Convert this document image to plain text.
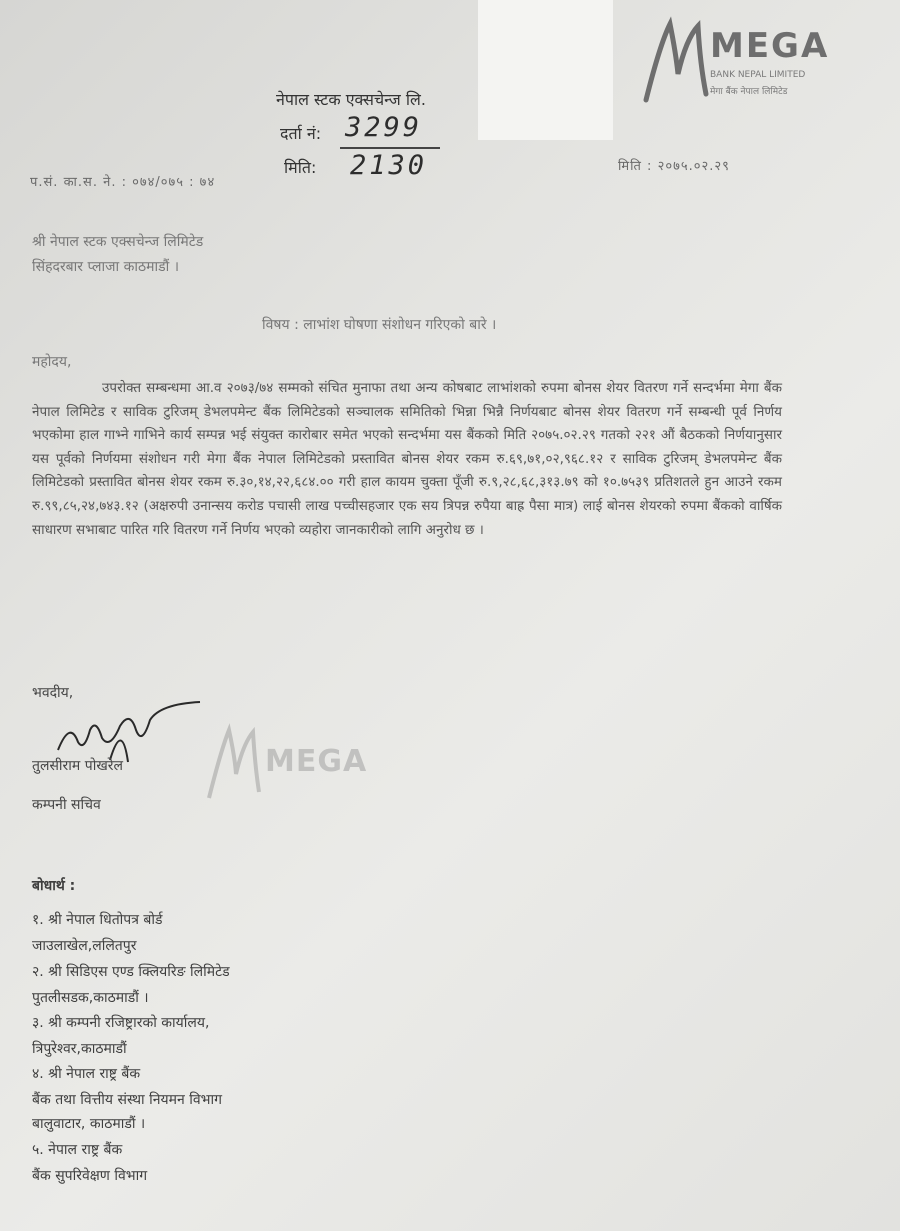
MEGA
BANK NEPAL LIMITED
मेगा बैंक नेपाल लिमिटेड
नेपाल स्टक एक्सचेन्ज लि.
दर्ता नं: 3299
मिति: 2130
प.सं. का.स. ने. : ०७४/०७५ : ७४
मिति : २०७५.०२.२९
श्री नेपाल स्टक एक्सचेन्ज लिमिटेड
सिंहदरबार प्लाजा काठमाडौं ।
विषय : लाभांश घोषणा संशोधन गरिएको बारे ।
महोदय,
उपरोक्त सम्बन्धमा आ.व २०७३/७४ सम्मको संचित मुनाफा तथा अन्य कोषबाट लाभांशको रुपमा बोनस शेयर वितरण गर्ने सन्दर्भमा मेगा बैंक नेपाल लिमिटेड र साविक टुरिजम् डेभलपमेन्ट बैंक लिमिटेडको सञ्चालक समितिको भिन्ना भिन्नै निर्णयबाट बोनस शेयर वितरण गर्ने सम्बन्धी पूर्व निर्णय भएकोमा हाल गाभ्ने गाभिने कार्य सम्पन्न भई संयुक्त कारोबार समेत भएको सन्दर्भमा यस बैंकको मिति २०७५.०२.२९ गतको २२१ औं बैठकको निर्णयानुसार यस पूर्वको निर्णयमा संशोधन गरी मेगा बैंक नेपाल लिमिटेडको प्रस्तावित बोनस शेयर रकम रु.६९,७१,०२,९६८.१२ र साविक टुरिजम् डेभलपमेन्ट बैंक लिमिटेडको प्रस्तावित बोनस शेयर रकम रु.३०,१४,२२,६८४.०० गरी हाल कायम चुक्ता पूँजी रु.९,२८,६८,३१३.७९ को १०.७५३९ प्रतिशतले हुन आउने रकम रु.९९,८५,२४,७४३.१२ (अक्षरुपी उनान्सय करोड पचासी लाख पच्चीसहजार एक सय त्रिपन्न रुपैया बाह्र पैसा मात्र) लाई बोनस शेयरको रुपमा बैंकको वार्षिक साधारण सभाबाट पारित गरि वितरण गर्ने निर्णय भएको व्यहोरा जानकारीको लागि अनुरोध छ ।
भवदीय,
MEGA
तुलसीराम पोखरेल
कम्पनी सचिव
बोधार्थ :
१. श्री नेपाल धितोपत्र बोर्ड
जाउलाखेल,ललितपुर
२. श्री सिडिएस एण्ड क्लियरिङ लिमिटेड
पुतलीसडक,काठमाडौं ।
३. श्री कम्पनी रजिष्ट्रारको कार्यालय,
त्रिपुरेश्वर,काठमाडौं
४. श्री नेपाल राष्ट्र बैंक
बैंक तथा वित्तीय संस्था नियमन विभाग
बालुवाटार, काठमाडौं ।
५. नेपाल राष्ट्र बैंक
बैंक सुपरिवेक्षण विभाग
